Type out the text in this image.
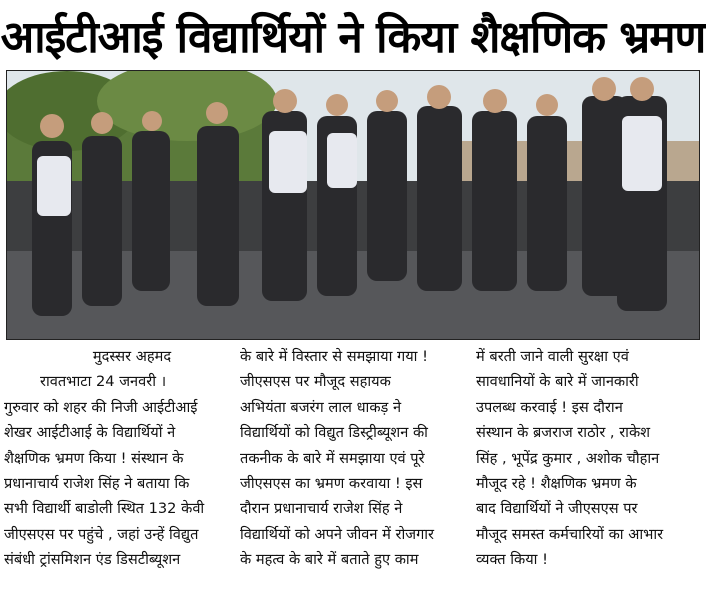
आईटीआई विद्यार्थियों ने किया शैक्षणिक भ्रमण

मुदस्सर अहमद

रावतभाटा 24 जनवरी ।

गुरुवार को शहर की निजी आईटीआई

शेखर आईटीआई के विद्यार्थियों ने

शैक्षणिक भ्रमण किया ! संस्थान के

प्रधानाचार्य राजेश सिंह ने बताया कि

सभी विद्यार्थी बाडोली स्थित 132 केवी

जीएसएस पर पहुंचे , जहां उन्हें विद्युत

संबंधी ट्रांसमिशन एंड डिसटीब्यूशन

के बारे में विस्तार से समझाया गया !

जीएसएस पर मौजूद सहायक

अभियंता बजरंग लाल धाकड़ ने

विद्यार्थियों को विद्युत डिस्ट्रीब्यूशन की

तकनीक के बारे में समझाया एवं पूरे

जीएसएस का भ्रमण करवाया ! इस

दौरान प्रधानाचार्य राजेश सिंह ने

विद्यार्थियों को अपने जीवन में रोजगार

के महत्व के बारे में बताते हुए काम

में बरती जाने वाली सुरक्षा एवं

सावधानियों के बारे में जानकारी

उपलब्ध करवाई ! इस दौरान

संस्थान के ब्रजराज राठोर , राकेश

सिंह , भूपेंद्र कुमार , अशोक चौहान

मौजूद रहे ! शैक्षणिक भ्रमण के

बाद विद्यार्थियों ने जीएसएस पर

मौजूद समस्त कर्मचारियों का आभार

व्यक्त किया !
